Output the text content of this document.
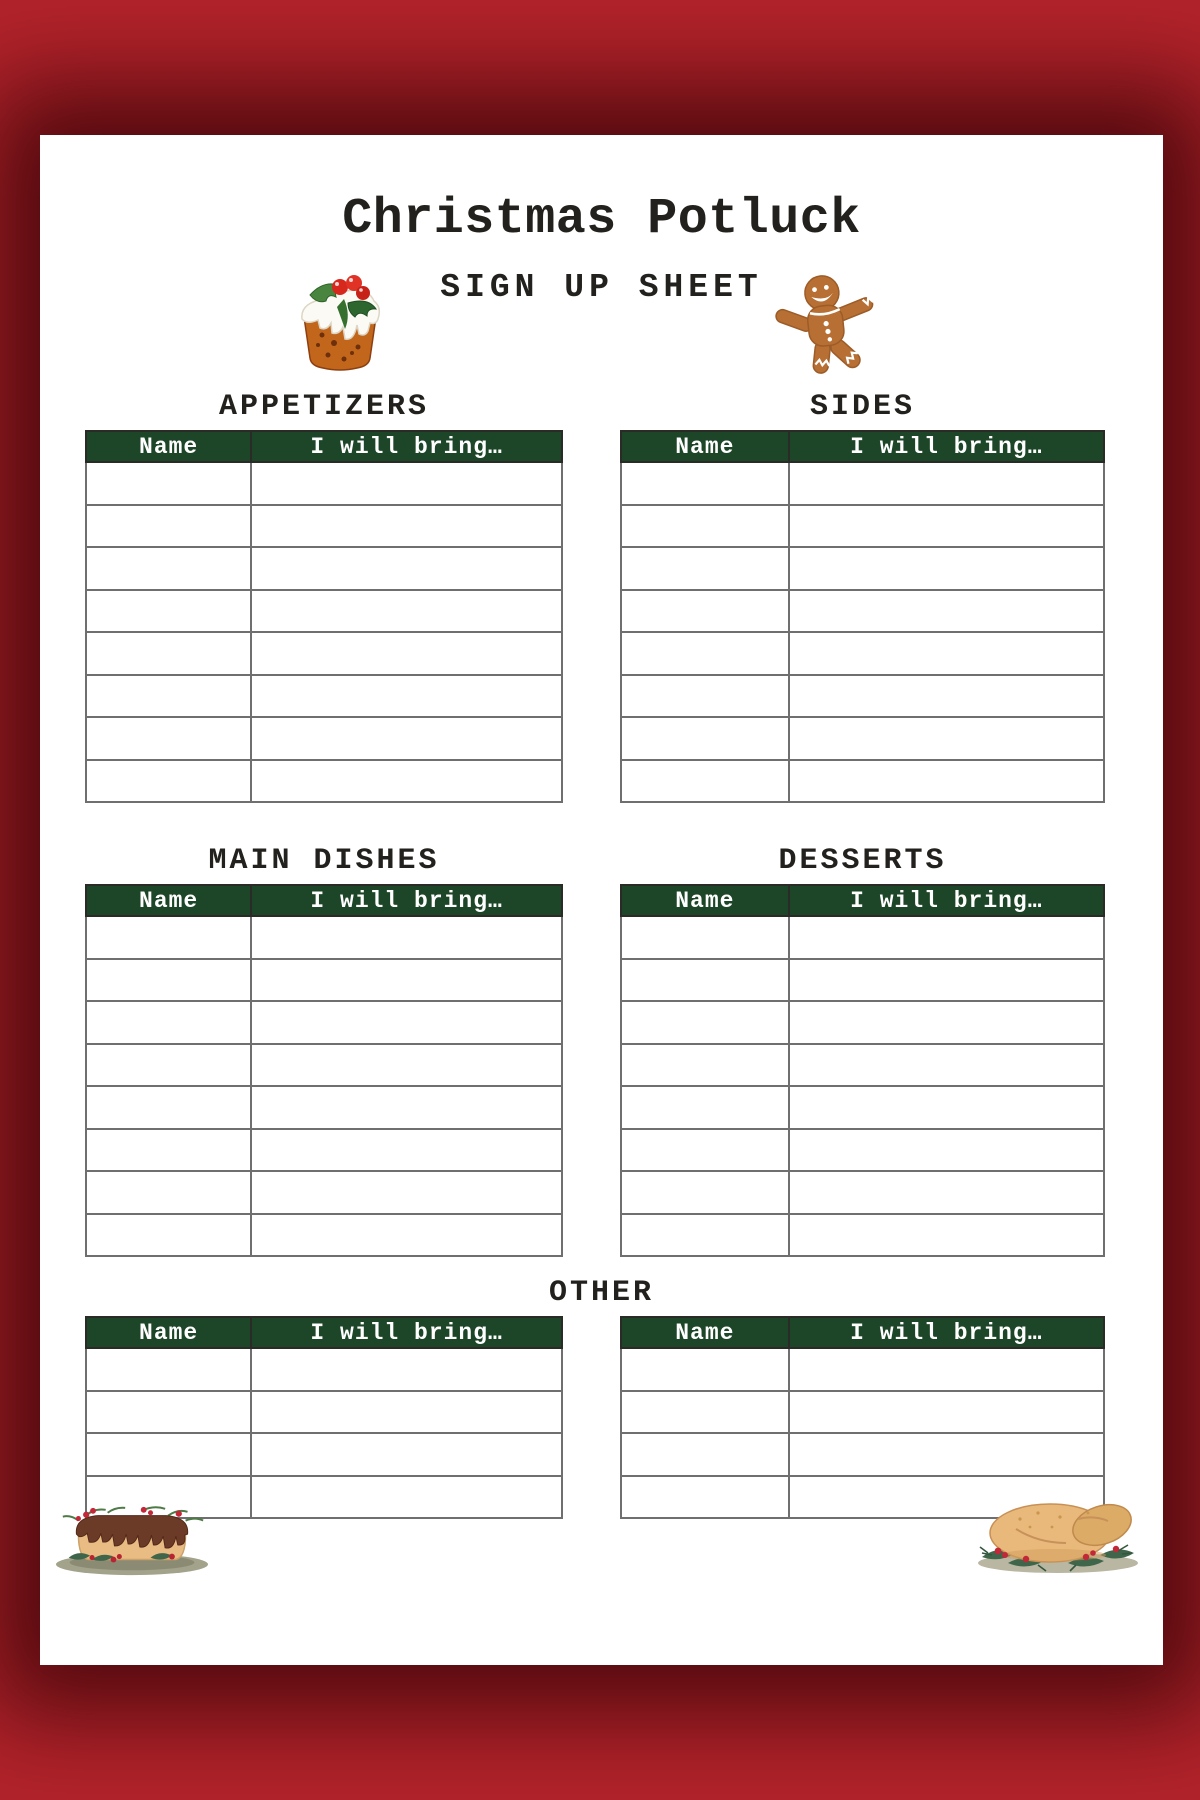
Christmas Potluck
SIGN UP SHEET
APPETIZERS
Name	I will bring…

SIDES
Name	I will bring…

MAIN DISHES
Name	I will bring…

DESSERTS
Name	I will bring…

OTHER
Name	I will bring…

		Name	I will bring…
